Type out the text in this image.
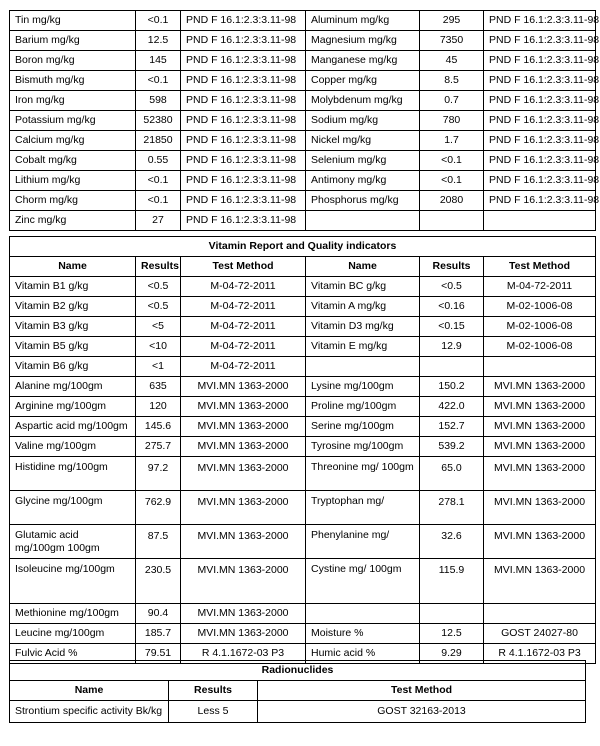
Tin mg/kg	<0.1	PND F 16.1:2.3:3.11-98	Aluminum mg/kg	295	PND F 16.1:2.3:3.11-98
Barium mg/kg	12.5	PND F 16.1:2.3:3.11-98	Magnesium mg/kg	7350	PND F 16.1:2.3:3.11-98
Boron mg/kg	145	PND F 16.1:2.3:3.11-98	Manganese mg/kg	45	PND F 16.1:2.3:3.11-98
Bismuth mg/kg	<0.1	PND F 16.1:2.3:3.11-98	Copper mg/kg	8.5	PND F 16.1:2.3:3.11-98
Iron mg/kg	598	PND F 16.1:2.3:3.11-98	Molybdenum mg/kg	0.7	PND F 16.1:2.3:3.11-98
Potassium mg/kg	52380	PND F 16.1:2.3:3.11-98	Sodium mg/kg	780	PND F 16.1:2.3:3.11-98
Calcium mg/kg	21850	PND F 16.1:2.3:3.11-98	Nickel mg/kg	1.7	PND F 16.1:2.3:3.11-98
Cobalt mg/kg	0.55	PND F 16.1:2.3:3.11-98	Selenium mg/kg	<0.1	PND F 16.1:2.3:3.11-98
Lithium mg/kg	<0.1	PND F 16.1:2.3:3.11-98	Antimony mg/kg	<0.1	PND F 16.1:2.3:3.11-98
Chorm mg/kg	<0.1	PND F 16.1:2.3:3.11-98	Phosphorus mg/kg	2080	PND F 16.1:2.3:3.11-98
Zinc mg/kg	27	PND F 16.1:2.3:3.11-98			
Vitamin Report and Quality indicators					
Name	Results	Test Method	Name	Results	Test Method
Vitamin B1 g/kg	<0.5	M-04-72-2011	Vitamin BC g/kg	<0.5	M-04-72-2011
Vitamin B2 g/kg	<0.5	M-04-72-2011	Vitamin A mg/kg	<0.16	M-02-1006-08
Vitamin B3 g/kg	<5	M-04-72-2011	Vitamin D3 mg/kg	<0.15	M-02-1006-08
Vitamin B5 g/kg	<10	M-04-72-2011	Vitamin E mg/kg	12.9	M-02-1006-08
Vitamin B6 g/kg	<1	M-04-72-2011			
Alanine mg/100gm	635	MVI.MN 1363-2000	Lysine mg/100gm	150.2	MVI.MN 1363-2000
Arginine mg/100gm	120	MVI.MN 1363-2000	Proline mg/100gm	422.0	MVI.MN 1363-2000
Aspartic acid mg/100gm	145.6	MVI.MN 1363-2000	Serine mg/100gm	152.7	MVI.MN 1363-2000
Valine mg/100gm	275.7	MVI.MN 1363-2000	Tyrosine mg/100gm	539.2	MVI.MN 1363-2000
Histidine mg/100gm	97.2	MVI.MN 1363-2000	Threonine mg/ 100gm	65.0	MVI.MN 1363-2000
Glycine mg/100gm	762.9	MVI.MN 1363-2000	Tryptophan mg/	278.1	MVI.MN 1363-2000
Glutamic acid mg/100gm 100gm	87.5	MVI.MN 1363-2000	Phenylanine mg/	32.6	MVI.MN 1363-2000
Isoleucine mg/100gm	230.5	MVI.MN 1363-2000	Cystine mg/ 100gm	115.9	MVI.MN 1363-2000
Methionine mg/100gm	90.4	MVI.MN 1363-2000			
Leucine mg/100gm	185.7	MVI.MN 1363-2000	Moisture %	12.5	GOST 24027-80
Fulvic Acid %	79.51	R 4.1.1672-03 P3	Humic acid %	9.29	R 4.1.1672-03 P3
Radionuclides		
Name	Results	Test Method
Strontium specific activity Bk/kg	Less 5	GOST 32163-2013
